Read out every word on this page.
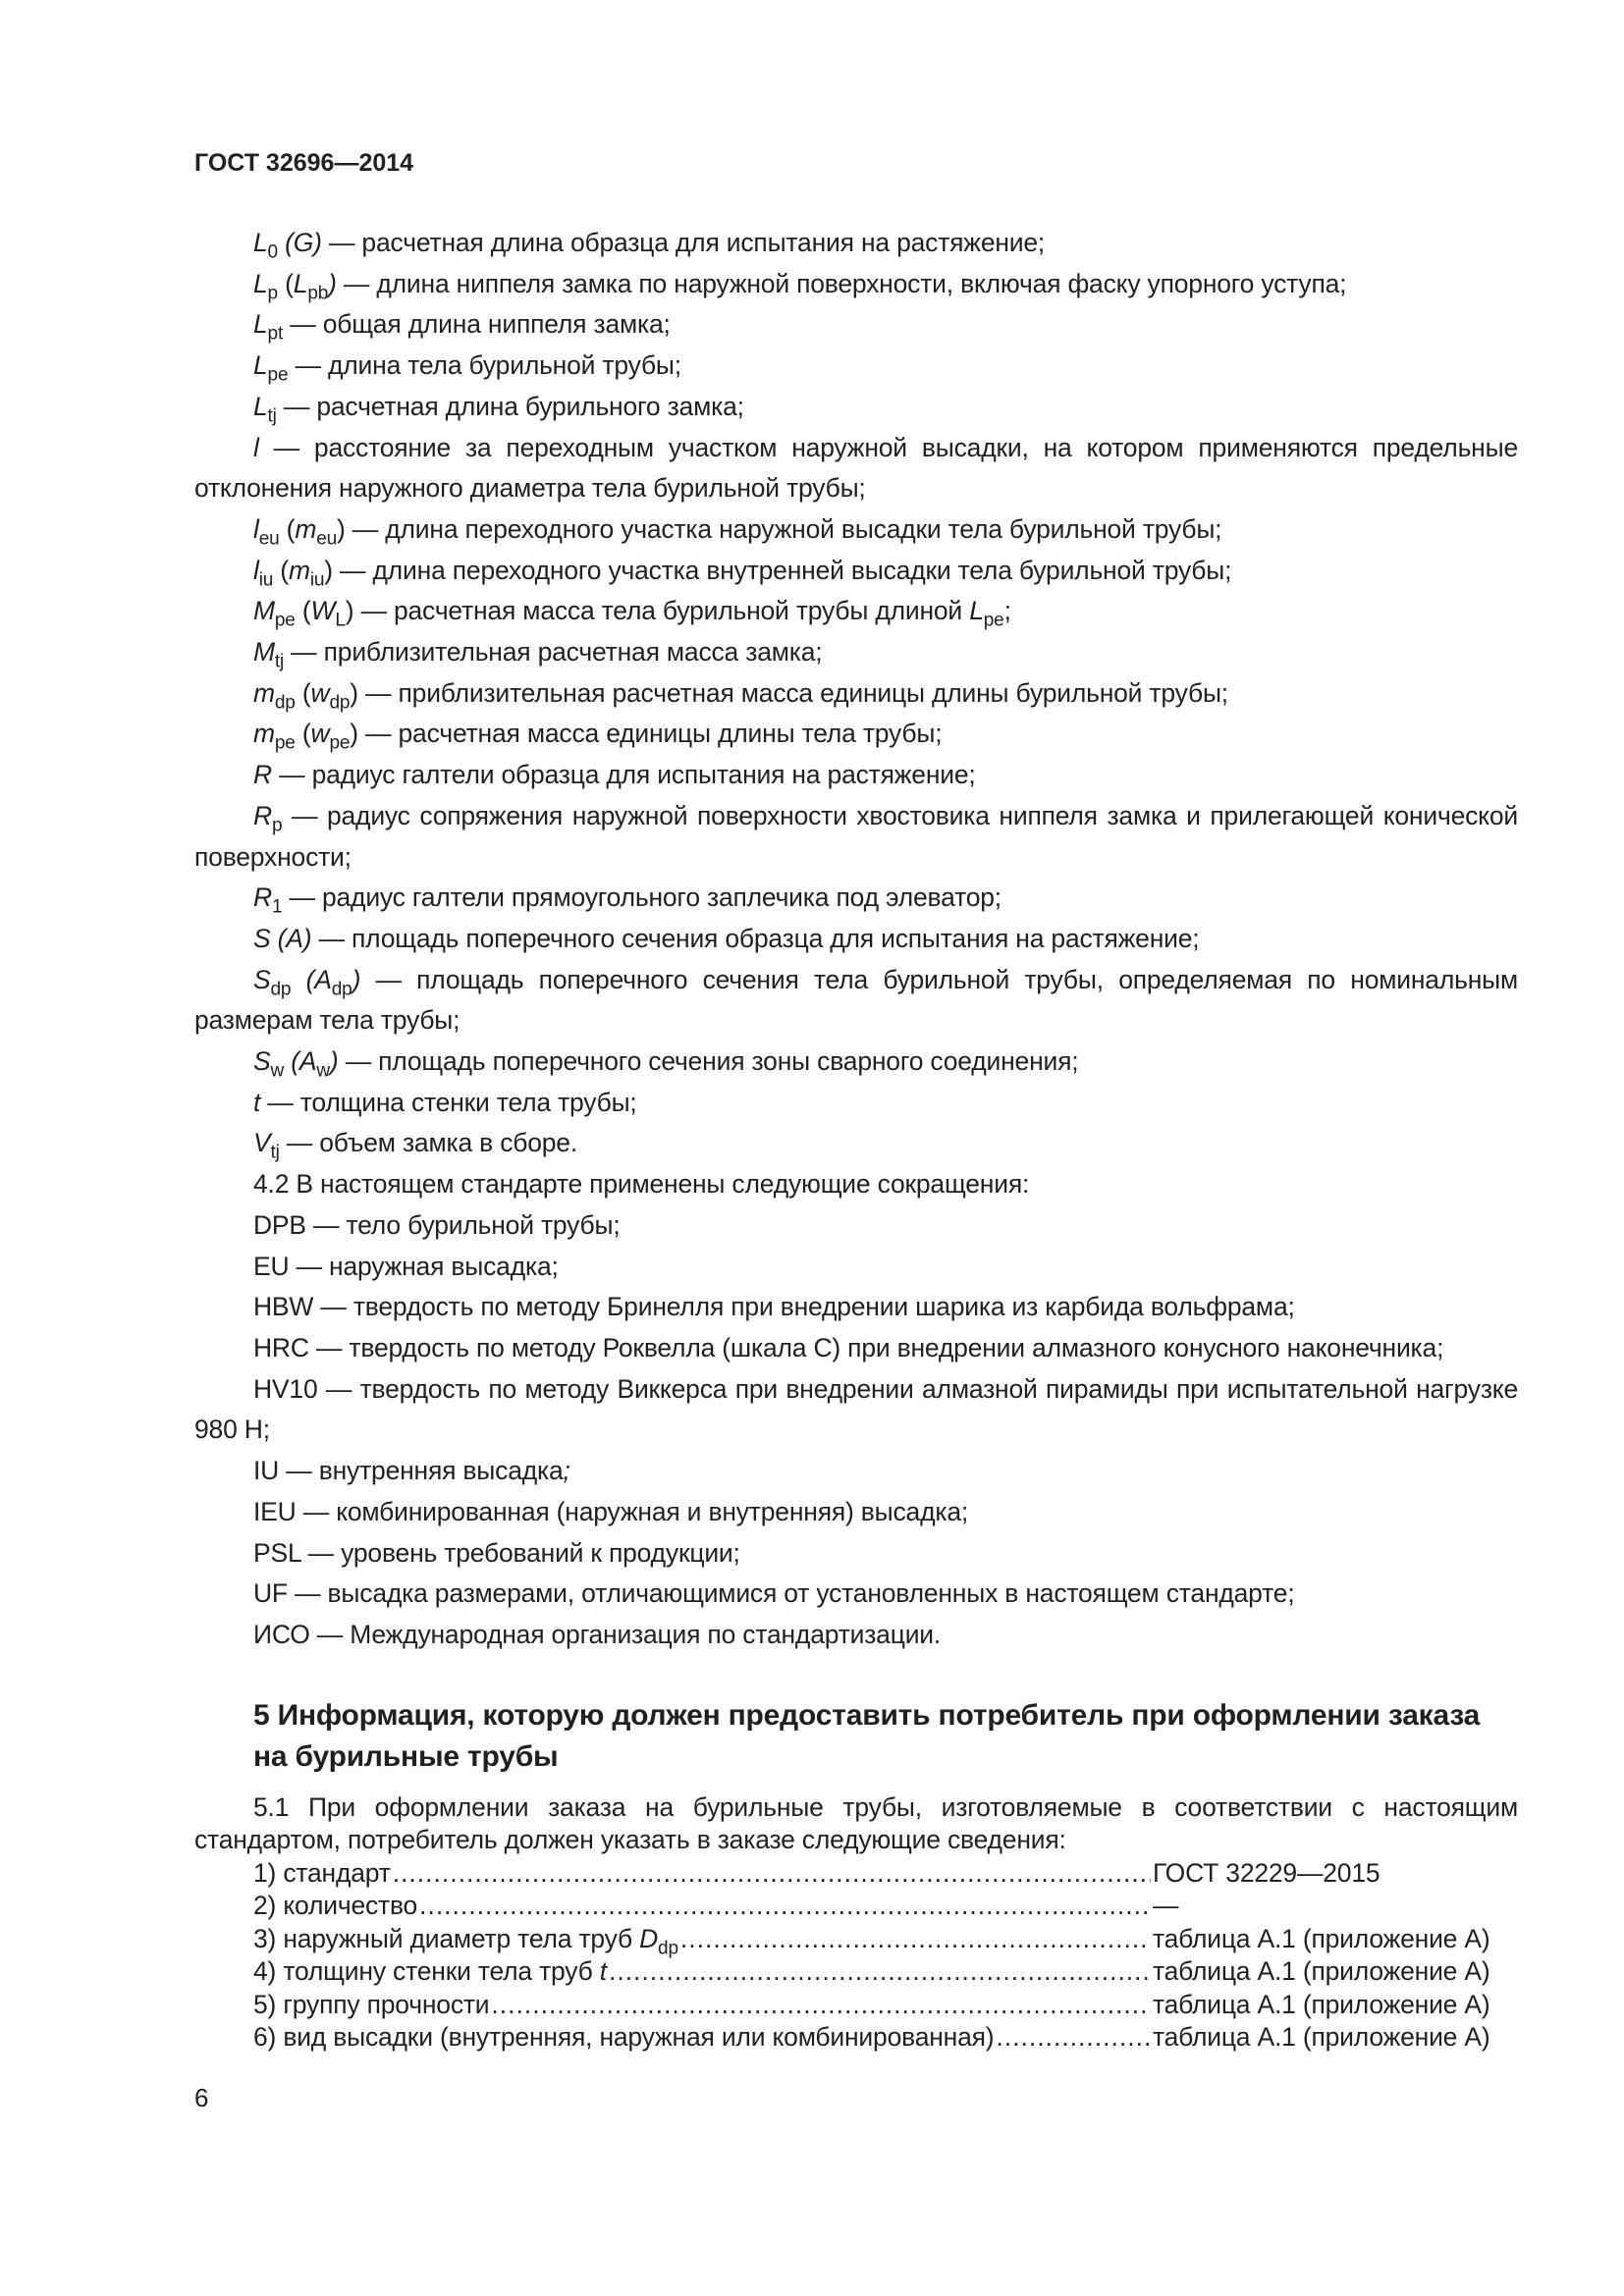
ГОСТ 32696—2014

$L_0$ (G) — расчетная длина образца для испытания на растяжение;

$L_p$ $(L_{pb})$ — длина ниппеля замка по наружной поверхности, включая фаску упорного уступа;

$L_{pt}$ — общая длина ниппеля замка;

$L_{pe}$ — длина тела бурильной трубы;

$L_{tj}$ — расчетная длина бурильного замка;

l — расстояние за переходным участком наружной высадки, на котором применяются предельные отклонения наружного диаметра тела бурильной трубы;

$l_{eu}$ $(m_{eu})$ — длина переходного участка наружной высадки тела бурильной трубы;

$l_{iu}$ $(m_{iu})$ — длина переходного участка внутренней высадки тела бурильной трубы;

$M_{pe}$ $(W_L)$ — расчетная масса тела бурильной трубы длиной $L_{pe}$;

$M_{tj}$ — приблизительная расчетная масса замка;

$m_{dp}$ $(w_{dp})$ — приблизительная расчетная масса единицы длины бурильной трубы;

$m_{pe}$ $(w_{pe})$ — расчетная масса единицы длины тела трубы;

R — радиус галтели образца для испытания на растяжение;

$R_p$ — радиус сопряжения наружной поверхности хвостовика ниппеля замка и прилегающей конической поверхности;

$R_1$ — радиус галтели прямоугольного заплечика под элеватор;

S (A) — площадь поперечного сечения образца для испытания на растяжение;

$S_{dp}$ $(A_{dp})$ — площадь поперечного сечения тела бурильной трубы, определяемая по номинальным размерам тела трубы;

$S_w$ $(A_w)$ — площадь поперечного сечения зоны сварного соединения;

t — толщина стенки тела трубы;

$V_{tj}$ — объем замка в сборе.

4.2 В настоящем стандарте применены следующие сокращения:

DPB — тело бурильной трубы;

EU — наружная высадка;

HBW — твердость по методу Бринелля при внедрении шарика из карбида вольфрама;

HRC — твердость по методу Роквелла (шкала С) при внедрении алмазного конусного наконечника;

HV10 — твердость по методу Виккерса при внедрении алмазной пирамиды при испытательной нагрузке 980 Н;

IU — внутренняя высадка;

IEU — комбинированная (наружная и внутренняя) высадка;

PSL — уровень требований к продукции;

UF — высадка размерами, отличающимися от установленных в настоящем стандарте;

ИСО — Международная организация по стандартизации.

5 Информация, которую должен предоставить потребитель при оформлении заказа на бурильные трубы

5.1 При оформлении заказа на бурильные трубы, изготовляемые в соответствии с настоящим стандартом, потребитель должен указать в заказе следующие сведения:

1) стандарт .....	ГОСТ 32229—2015
2) количество .....	—
3) наружный диаметр тела труб $D_{dp}$ .....	таблица А.1 (приложение А)
4) толщину стенки тела труб t .....	таблица А.1 (приложение А)
5) группу прочности .....	таблица А.1 (приложение А)
6) вид высадки (внутренняя, наружная или комбинированная) .....	таблица А.1 (приложение А)
6
